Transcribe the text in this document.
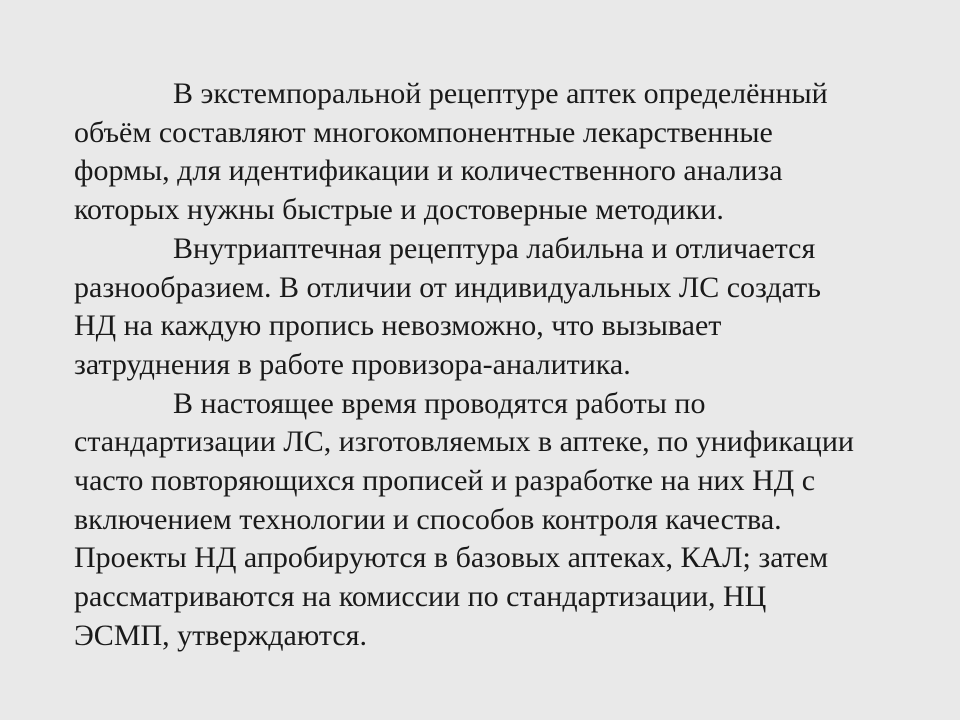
В экстемпоральной рецептуре аптек определённый
объём составляют многокомпонентные лекарственные
формы, для идентификации и количественного анализа
которых нужны быстрые и достоверные методики.
Внутриаптечная рецептура лабильна и отличается
разнообразием. В отличии от индивидуальных ЛС создать
НД на каждую пропись невозможно, что вызывает
затруднения в работе провизора-аналитика.
В настоящее время проводятся работы по
стандартизации ЛС, изготовляемых в аптеке, по унификации
часто повторяющихся прописей и разработке на них НД с
включением технологии и способов контроля качества.
Проекты НД апробируются в базовых аптеках, КАЛ; затем
рассматриваются на комиссии по стандартизации, НЦ
ЭСМП, утверждаются.
